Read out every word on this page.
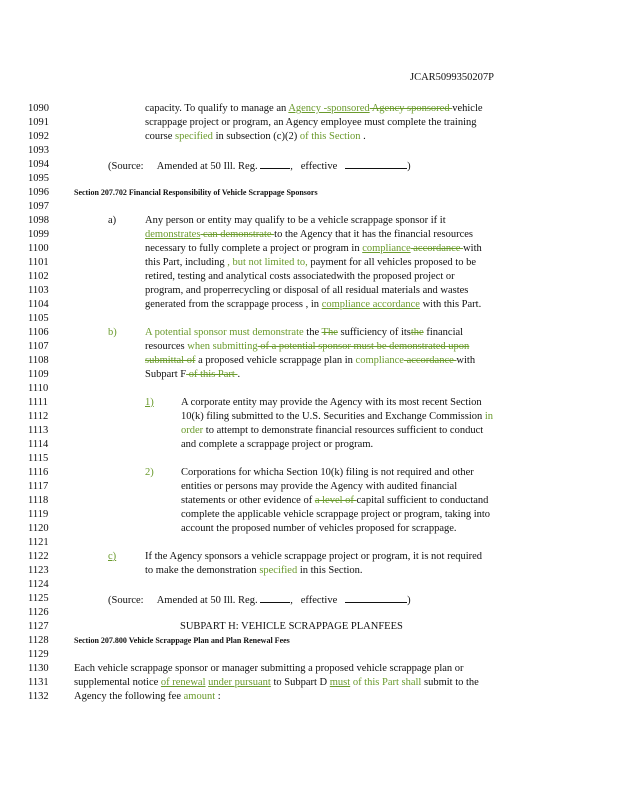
JCAR5099350207P
1090
1091
1092
1093
1094
1095
1096
1097
1098
1099
1100
1101
1102
1103
1104
1105
1106
1107
1108
1109
1110
1111
1112
1113
1114
1115
1116
1117
1118
1119
1120
1121
1122
1123
1124
1125
1126
1127
1128
1129
1130
1131
1132
capacity. To qualify to manage an Agency -sponsored Agency sponsored vehicle
scrappage project or program, an Agency employee must complete the training
course specified in subsection (c)(2) of this Section .
(Source: Amended at 50 Ill. Reg.	,   effective	)
Section 207.702 Financial Responsibility of Vehicle Scrappage Sponsors
a)	Any person or entity may qualify to be a vehicle scrappage sponsor if it
demonstrates can demonstrate to the Agency that it has the financial resources
necessary to fully complete a project or program in compliance accordance with
this Part, including , but not limited to, payment for all vehicles proposed to be
retired, testing and analytical costs associatedwith the proposed project or
program, and properrecycling or disposal of all residual materials and wastes
generated from the scrappage process , in compliance accordance with this Part.
b)	A potential sponsor must demonstrate the The sufficiency of itsthe financial
resources when submitting of a potential sponsor must be demonstrated upon
submittal of a proposed vehicle scrappage plan in compliance accordance with
Subpart F of this Part .
1)	A corporate entity may provide the Agency with its most recent Section
10(k) filing submitted to the U.S. Securities and Exchange Commission in
order to attempt to demonstrate financial resources sufficient to conduct
and complete a scrappage project or program.
2)	Corporations for whicha Section 10(k) filing is not required and other
entities or persons may provide the Agency with audited financial
statements or other evidence of a level of capital sufficient to conductand
complete the applicable vehicle scrappage project or program, taking into
account the proposed number of vehicles proposed for scrappage.
c)	If the Agency sponsors a vehicle scrappage project or program, it is not required
to make the demonstration specified in this Section.
(Source: Amended at 50 Ill. Reg.	,   effective	)
SUBPART H: VEHICLE SCRAPPAGE PLANFEES
Section 207.800 Vehicle Scrappage Plan and Plan Renewal Fees
Each vehicle scrappage sponsor or manager submitting a proposed vehicle scrappage plan or
supplemental notice of renewal under pursuant to Subpart D must of this Part shall submit to the
Agency the following fee amount :
